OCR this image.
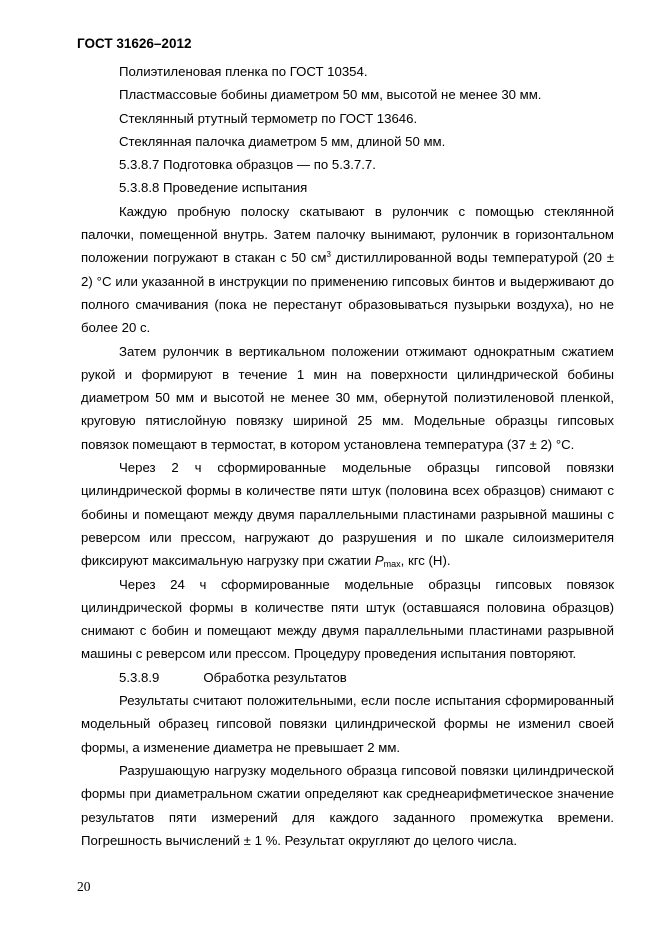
ГОСТ 31626–2012

Полиэтиленовая пленка по ГОСТ 10354.

Пластмассовые бобины диаметром 50 мм, высотой не менее 30 мм.

Стеклянный ртутный термометр по ГОСТ 13646.

Стеклянная палочка диаметром 5 мм, длиной 50 мм.

5.3.8.7 Подготовка образцов — по 5.3.7.7.

5.3.8.8 Проведение испытания

Каждую пробную полоску скатывают в рулончик с помощью стеклянной палочки, помещенной внутрь. Затем палочку вынимают, рулончик в горизонтальном положении погружают в стакан с 50 $см^3$ дистиллированной воды температурой (20 ± 2) °С или указанной в инструкции по применению гипсовых бинтов и выдерживают до полного смачивания (пока не перестанут образовываться пузырьки воздуха), но не более 20 с.

Затем рулончик в вертикальном положении отжимают однократным сжатием рукой и формируют в течение 1 мин на поверхности цилиндрической бобины диаметром 50 мм и высотой не менее 30 мм, обернутой полиэтиленовой пленкой, круговую пятислойную повязку шириной 25 мм. Модельные образцы гипсовых повязок помещают в термостат, в котором установлена температура (37 ± 2) °С.

Через 2 ч сформированные модельные образцы гипсовой повязки цилиндрической формы в количестве пяти штук (половина всех образцов) снимают с бобины и помещают между двумя параллельными пластинами разрывной машины с реверсом или прессом, нагружают до разрушения и по шкале силоизмерителя фиксируют максимальную нагрузку при сжатии $P_{max}$, кгс (Н).

Через 24 ч сформированные модельные образцы гипсовых повязок цилиндрической формы в количестве пяти штук (оставшаяся половина образцов) снимают с бобин и помещают между двумя параллельными пластинами разрывной машины с реверсом или прессом. Процедуру проведения испытания повторяют.

5.3.8.9	Обработка результатов

Результаты считают положительными, если после испытания сформированный модельный образец гипсовой повязки цилиндрической формы не изменил своей формы, а изменение диаметра не превышает 2 мм.

Разрушающую нагрузку модельного образца гипсовой повязки цилиндрической формы при диаметральном сжатии определяют как среднеарифметическое значение результатов пяти измерений для каждого заданного промежутка времени. Погрешность вычислений ± 1 %. Результат округляют до целого числа.

20
